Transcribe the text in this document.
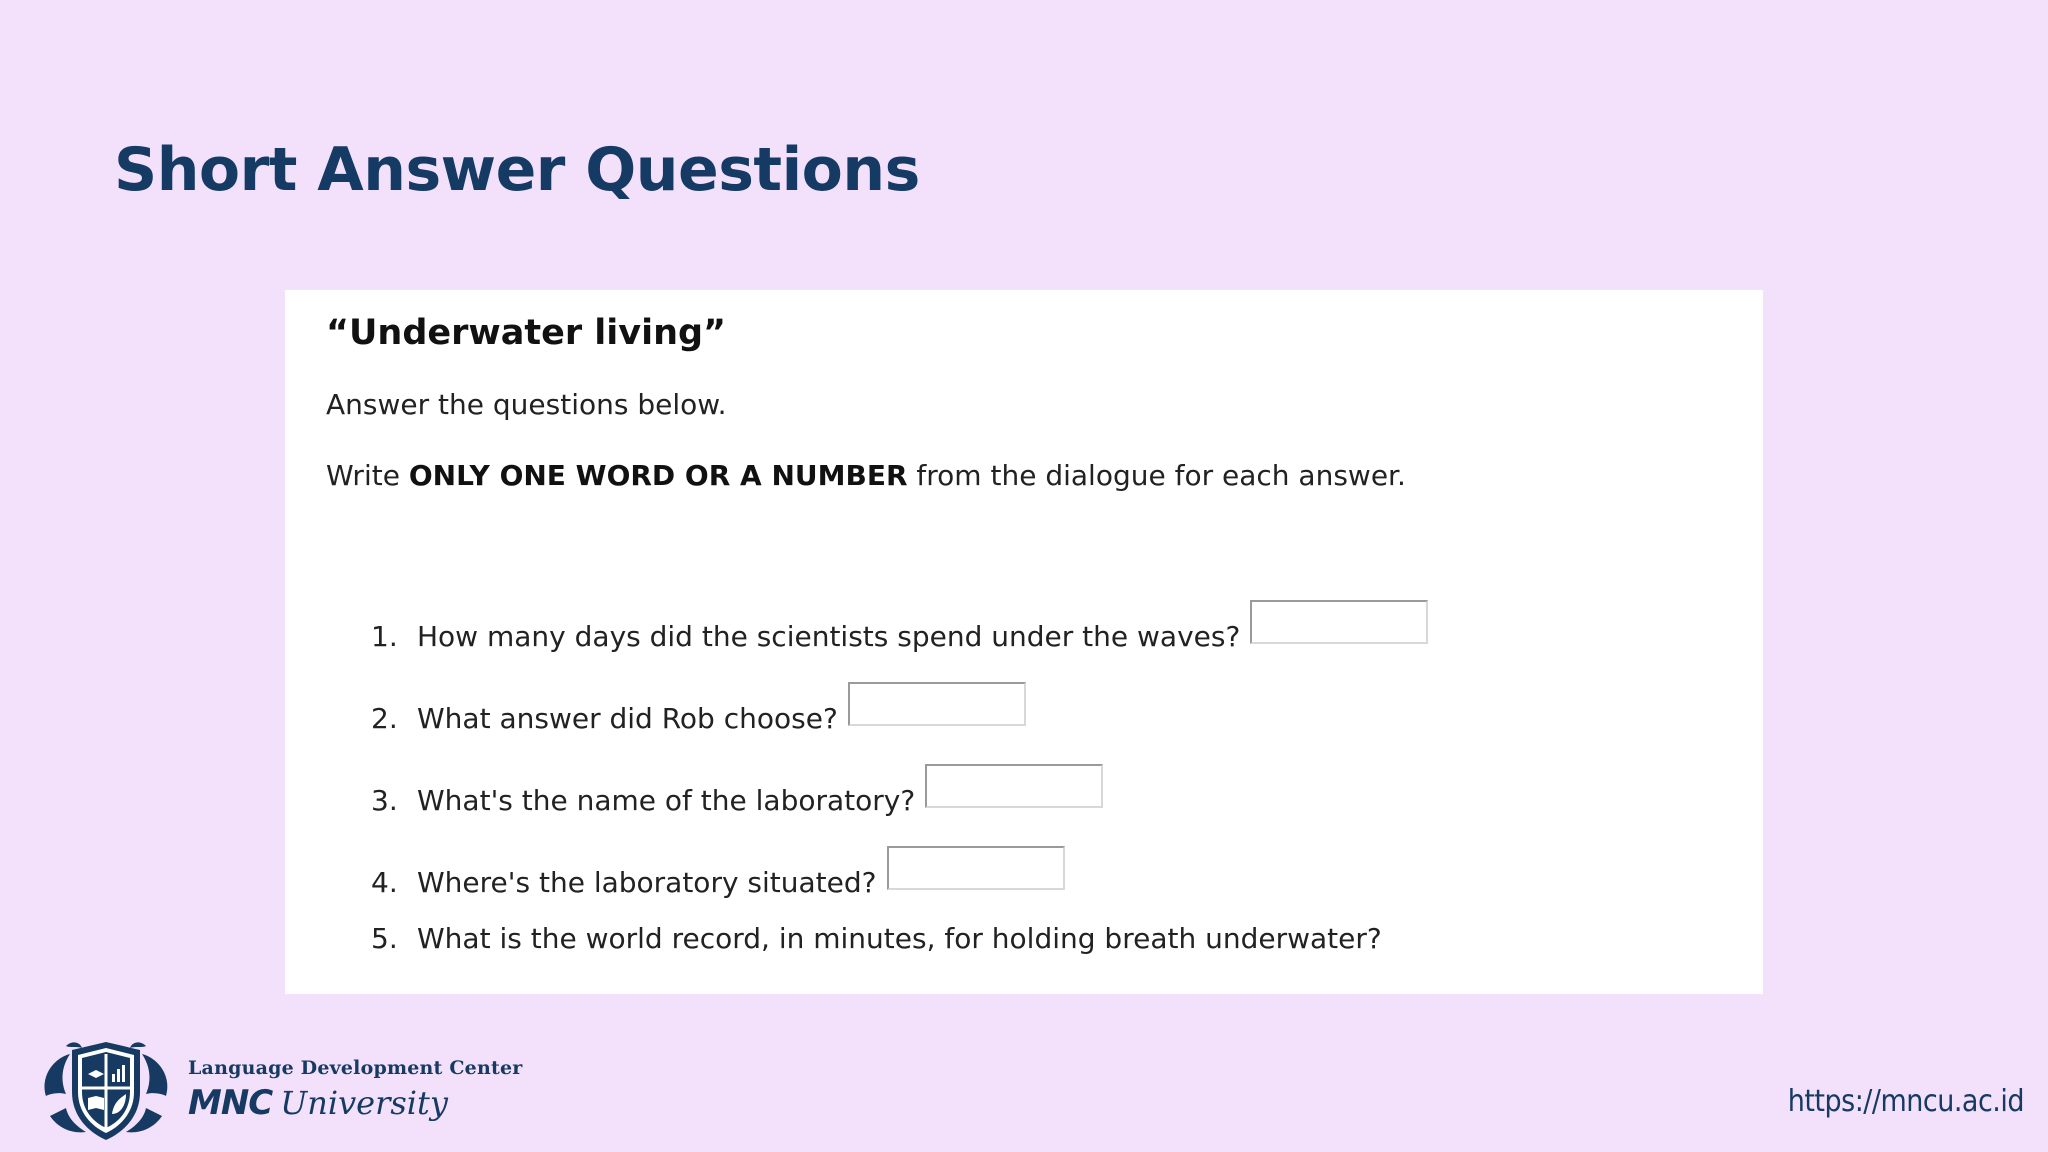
Short Answer Questions
“Underwater living”

Answer the questions below.

Write ONLY ONE WORD OR A NUMBER from the dialogue for each answer.

1. How many days did the scientists spend under the waves?
2. What answer did Rob choose?
3. What's the name of the laboratory?
4. Where's the laboratory situated?
5. What is the world record, in minutes, for holding breath underwater?
Language Development Center
MNC University	https://mncu.ac.id
